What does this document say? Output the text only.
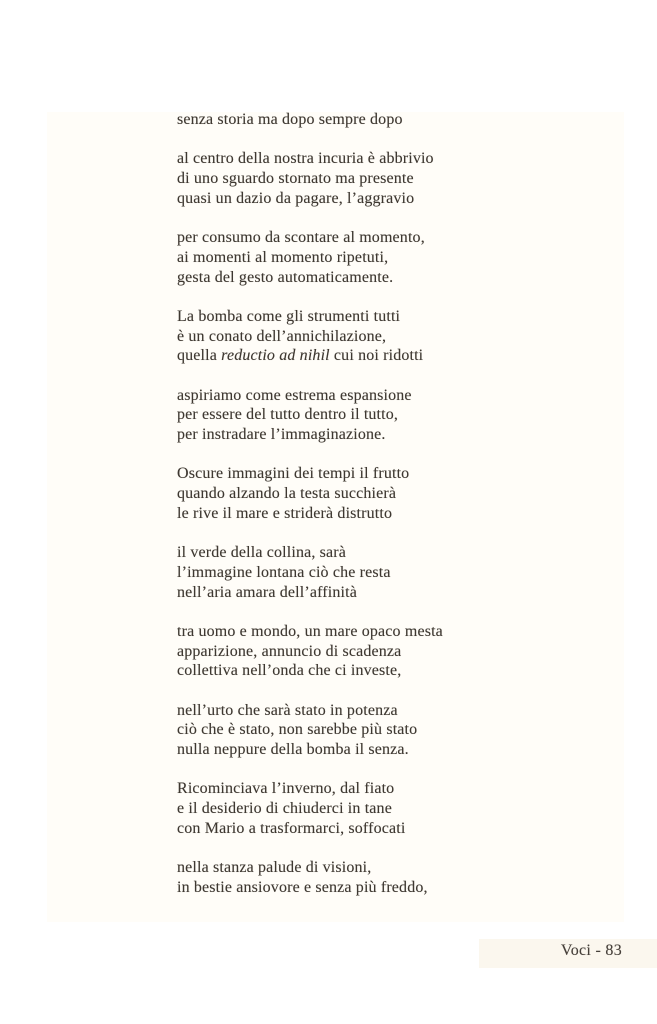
senza storia ma dopo sempre dopo
al centro della nostra incuria è abbrivio
di uno sguardo stornato ma presente
quasi un dazio da pagare, l’aggravio
per consumo da scontare al momento,
ai momenti al momento ripetuti,
gesta del gesto automaticamente.
La bomba come gli strumenti tutti
è un conato dell’annichilazione,
quella reductio ad nihil cui noi ridotti
aspiriamo come estrema espansione
per essere del tutto dentro il tutto,
per instradare l’immaginazione.
Oscure immagini dei tempi il frutto
quando alzando la testa succhierà
le rive il mare e striderà distrutto
il verde della collina, sarà
l’immagine lontana ciò che resta
nell’aria amara dell’affinità
tra uomo e mondo, un mare opaco mesta
apparizione, annuncio di scadenza
collettiva nell’onda che ci investe,
nell’urto che sarà stato in potenza
ciò che è stato, non sarebbe più stato
nulla neppure della bomba il senza.
Ricominciava l’inverno, dal fiato
e il desiderio di chiuderci in tane
con Mario a trasformarci, soffocati
nella stanza palude di visioni,
in bestie ansiovore e senza più freddo,
Voci - 83
